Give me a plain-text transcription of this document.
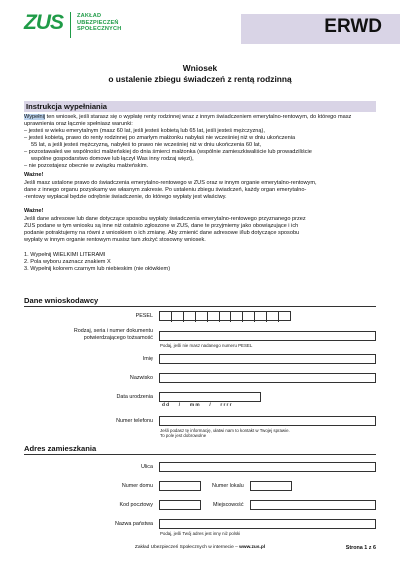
ZUS	ZAKŁAD
UBEZPIECZEŃ
SPOŁECZNYCH	ERWD
Wniosek
o ustalenie zbiegu świadczeń z rentą rodzinną
Instrukcja wypełniania
Wypełnij ten wniosek, jeśli starasz się o wypłatę renty rodzinnej wraz z innym świadczeniem emerytalno-rentowym, do którego masz uprawnienia oraz łącznie spełniasz warunki:
– jesteś w wieku emerytalnym (masz 60 lat, jeśli jesteś kobietą lub 65 lat, jeśli jesteś mężczyzną),
– jesteś kobietą, prawo do renty rodzinnej po zmarłym małżonku nabyłaś nie wcześniej niż w dniu ukończenia
55 lat, a jeśli jesteś mężczyzną, nabyłeś to prawo nie wcześniej niż w dniu ukończenia 60 lat,
– pozostawałeś we wspólności małżeńskiej do dnia śmierci małżonka (wspólnie zamieszkiwaliście lub prowadziliście
wspólne gospodarstwo domowe lub łączył Was inny rodzaj więzi),
– nie pozostajesz obecnie w związku małżeńskim.
Ważne!
Jeśli masz ustalone prawo do świadczenia emerytalno-rentowego w ZUS oraz w innym organie emerytalno-rentowym,
dane z innego organu pozyskamy we własnym zakresie. Po ustaleniu zbiegu świadczeń, każdy organ emerytalno-
-rentowy wypłacał będzie odrębnie świadczenie, do którego wypłaty jest właściwy.
Ważne!
Jeśli dane adresowe lub dane dotyczące sposobu wypłaty świadczenia emerytalno-rentowego przyznanego przez
ZUS podane w tym wniosku są inne niż ostatnio zgłoszone w ZUS, dane te przyjmiemy jako obowiązujące i ich
podanie potraktujemy na równi z wnioskiem o ich zmianę. Aby zmienić dane adresowe i/lub dotyczące sposobu
wypłaty w innym organie rentowym musisz tam złożyć stosowny wniosek.
1. Wypełnij WIELKIMI LITERAMI
2. Pola wyboru zaznacz znakiem X
3. Wypełnij kolorem czarnym lub niebieskim (nie ołówkiem)
Dane wnioskodawcy
PESEL
Rodzaj, seria i numer dokumentu
potwierdzającego tożsamość
Podaj, jeśli nie masz nadanego numeru PESEL
Imię
Nazwisko
Data urodzenia
dd / mm / rrrr
Numer telefonu
Jeśli podasz tę informację, ułatwi nam to kontakt w Twojej sprawie.
To pole jest dobrowolne
Adres zamieszkania
Ulica
Numer domu	Numer lokalu
Kod pocztowy	Miejscowość
Nazwa państwa
Podaj, jeśli Twój adres jest inny niż polski
Zakład Ubezpieczeń Społecznych w internecie – www.zus.pl	Strona 1 z 6
